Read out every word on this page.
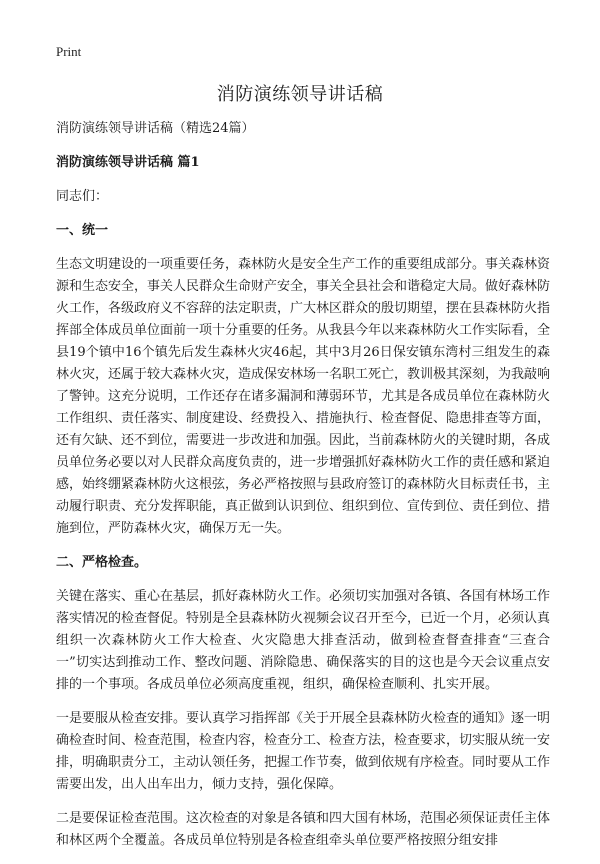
Print
消防演练领导讲话稿

消防演练领导讲话稿（精选24篇）

消防演练领导讲话稿 篇1

同志们：

一、统一

生态文明建设的一项重要任务，森林防火是安全生产工作的重要组成部分。事关森林资源和生态安全，事关人民群众生命财产安全，事关全县社会和谐稳定大局。做好森林防火工作，各级政府义不容辞的法定职责，广大林区群众的殷切期望，摆在县森林防火指挥部全体成员单位面前一项十分重要的任务。从我县今年以来森林防火工作实际看，全县19个镇中16个镇先后发生森林火灾46起，其中3月26日保安镇东湾村三组发生的森林火灾，还属于较大森林火灾，造成保安林场一名职工死亡，教训极其深刻，为我敲响了警钟。这充分说明，工作还存在诸多漏洞和薄弱环节，尤其是各成员单位在森林防火工作组织、责任落实、制度建设、经费投入、措施执行、检查督促、隐患排查等方面，还有欠缺、还不到位，需要进一步改进和加强。因此，当前森林防火的关键时期，各成员单位务必要以对人民群众高度负责的，进一步增强抓好森林防火工作的责任感和紧迫感，始终绷紧森林防火这根弦，务必严格按照与县政府签订的森林防火目标责任书，主动履行职责、充分发挥职能，真正做到认识到位、组织到位、宣传到位、责任到位、措施到位，严防森林火灾，确保万无一失。

二、严格检查。

关键在落实、重心在基层，抓好森林防火工作。必须切实加强对各镇、各国有林场工作落实情况的检查督促。特别是全县森林防火视频会议召开至今，已近一个月，必须认真组织一次森林防火工作大检查、火灾隐患大排查活动，做到检查督查排查“三查合一”切实达到推动工作、整改问题、消除隐患、确保落实的目的这也是今天会议重点安排的一个事项。各成员单位必须高度重视，组织，确保检查顺利、扎实开展。

一是要服从检查安排。要认真学习指挥部《关于开展全县森林防火检查的通知》逐一明确检查时间、检查范围，检查内容，检查分工、检查方法，检查要求，切实服从统一安排，明确职责分工，主动认领任务，把握工作节奏，做到依规有序检查。同时要从工作需要出发，出人出车出力，倾力支持，强化保障。

二是要保证检查范围。这次检查的对象是各镇和四大国有林场，范围必须保证责任主体和林区两个全覆盖。各成员单位特别是各检查组牵头单位要严格按照分组安排
